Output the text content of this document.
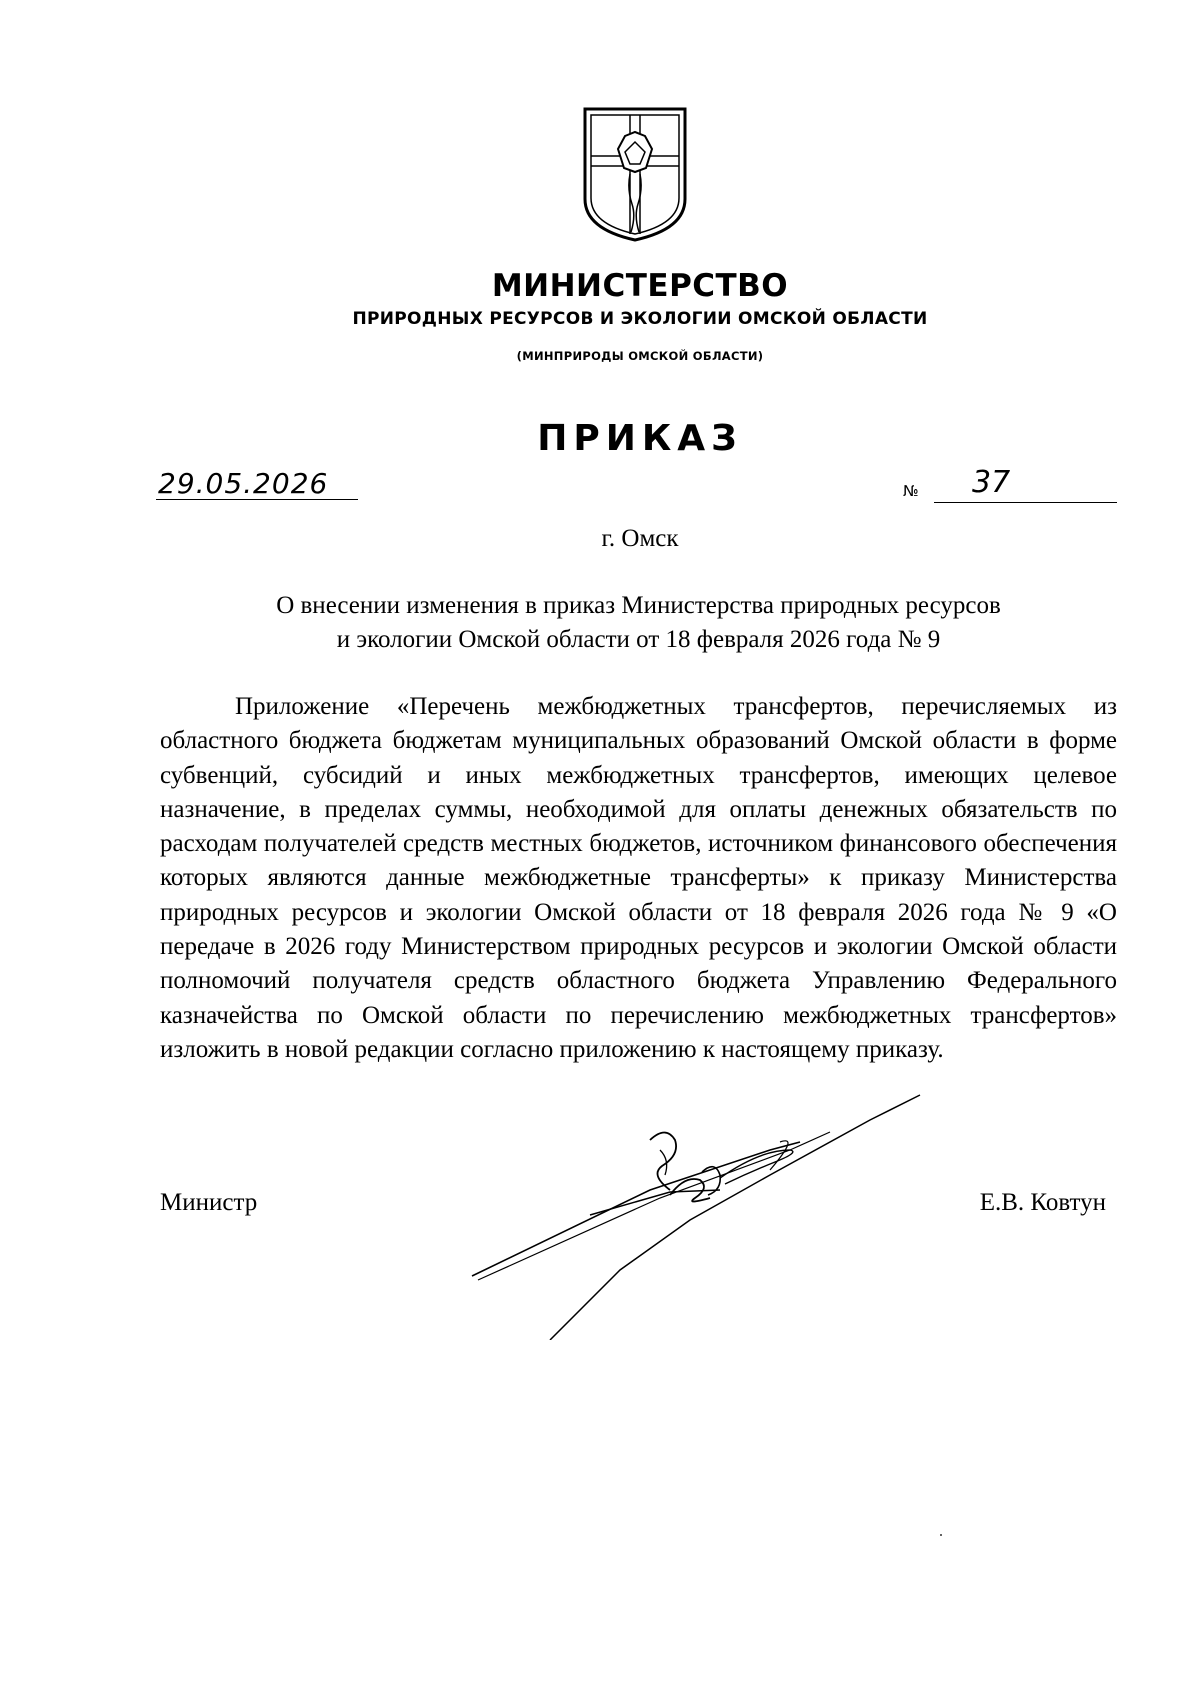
МИНИСТЕРСТВО
ПРИРОДНЫХ РЕСУРСОВ И ЭКОЛОГИИ ОМСКОЙ ОБЛАСТИ
(МИНПРИРОДЫ ОМСКОЙ ОБЛАСТИ)
ПРИКАЗ
29.05.2026	№ 37
г. Омск
О внесении изменения в приказ Министерства природных ресурсов
и экологии Омской области от 18 февраля 2026 года № 9
Приложение «Перечень межбюджетных трансфертов, перечисляемых из областного бюджета бюджетам муниципальных образований Омской области в форме субвенций, субсидий и иных межбюджетных трансфертов, имеющих целевое назначение, в пределах суммы, необходимой для оплаты денежных обязательств по расходам получателей средств местных бюджетов, источником финансового обеспечения которых являются данные межбюджетные трансферты» к приказу Министерства природных ресурсов и экологии Омской области от 18 февраля 2026 года № 9 «О передаче в 2026 году Министерством природных ресурсов и экологии Омской области полномочий получателя средств областного бюджета Управлению Федерального казначейства по Омской области по перечислению межбюджетных трансфертов» изложить в новой редакции согласно приложению к настоящему приказу.
Министр	Е.В. Ковтун
